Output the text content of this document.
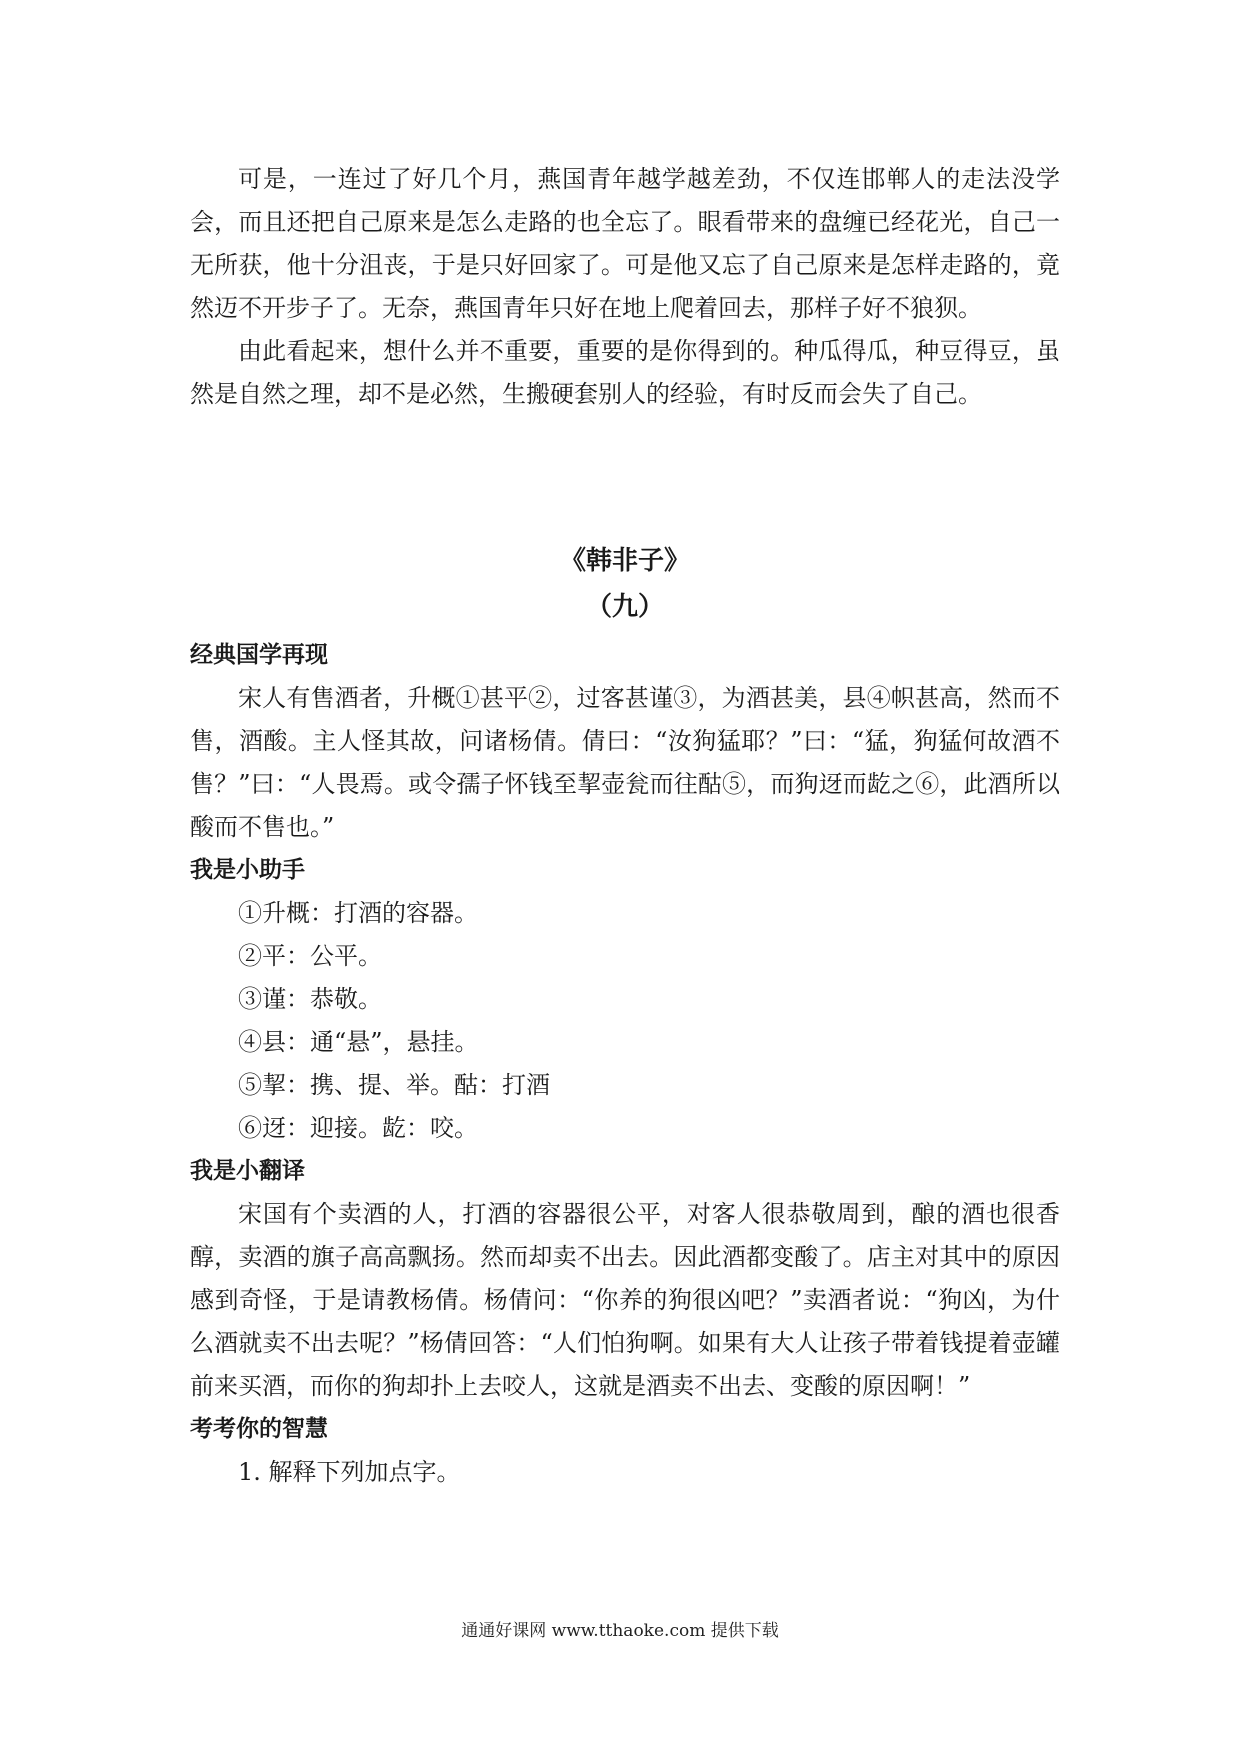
可是，一连过了好几个月，燕国青年越学越差劲，不仅连邯郸人的走法没学会，而且还把自己原来是怎么走路的也全忘了。眼看带来的盘缠已经花光，自己一无所获，他十分沮丧，于是只好回家了。可是他又忘了自己原来是怎样走路的，竟然迈不开步子了。无奈，燕国青年只好在地上爬着回去，那样子好不狼狈。

由此看起来，想什么并不重要，重要的是你得到的。种瓜得瓜，种豆得豆，虽然是自然之理，却不是必然，生搬硬套别人的经验，有时反而会失了自己。

《韩非子》
（九）
经典国学再现

宋人有售酒者，升概①甚平②，过客甚谨③，为酒甚美，县④帜甚高，然而不售，酒酸。主人怪其故，问诸杨倩。倩曰：“汝狗猛耶？”曰：“猛，狗猛何故酒不售？”曰：“人畏焉。或令孺子怀钱至挈壶瓮而往酤⑤，而狗迓而龁之⑥，此酒所以酸而不售也。”

我是小助手

①升概：打酒的容器。

②平：公平。

③谨：恭敬。

④县：通“悬”，悬挂。

⑤挈：携、提、举。酤：打酒

⑥迓：迎接。龁：咬。

我是小翻译

宋国有个卖酒的人，打酒的容器很公平，对客人很恭敬周到，酿的酒也很香醇，卖酒的旗子高高飘扬。然而却卖不出去。因此酒都变酸了。店主对其中的原因感到奇怪，于是请教杨倩。杨倩问：“你养的狗很凶吧？”卖酒者说：“狗凶，为什么酒就卖不出去呢？”杨倩回答：“人们怕狗啊。如果有大人让孩子带着钱提着壶罐前来买酒，而你的狗却扑上去咬人，这就是酒卖不出去、变酸的原因啊！”

考考你的智慧

1. 解释下列加点字。

通通好课网 www.tthaoke.com 提供下载
